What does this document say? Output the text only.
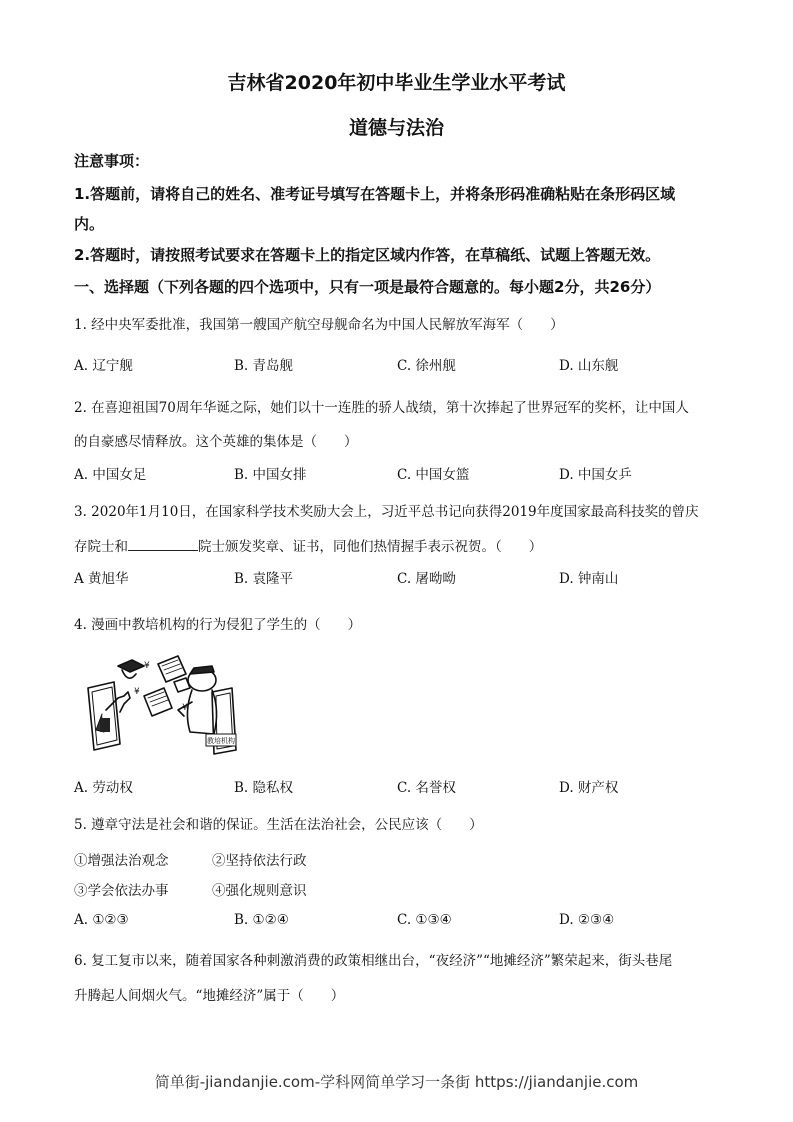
吉林省2020年初中毕业生学业水平考试
道德与法治
注意事项：
1.答题前，请将自己的姓名、准考证号填写在答题卡上，并将条形码准确粘贴在条形码区域
内。
2.答题时，请按照考试要求在答题卡上的指定区域内作答，在草稿纸、试题上答题无效。
一、选择题（下列各题的四个选项中，只有一项是最符合题意的。每小题2分，共26分）
1. 经中央军委批准，我国第一艘国产航空母舰命名为中国人民解放军海军（　　）
A. 辽宁舰	B. 青岛舰	C. 徐州舰	D. 山东舰
2. 在喜迎祖国70周年华诞之际，她们以十一连胜的骄人战绩，第十次捧起了世界冠军的奖杯，让中国人
的自豪感尽情释放。这个英雄的集体是（　　）
A. 中国女足	B. 中国女排	C. 中国女篮	D. 中国女乒
3. 2020年1月10日，在国家科学技术奖励大会上，习近平总书记向获得2019年度国家最高科技奖的曾庆
存院士和	院士颁发奖章、证书，同他们热情握手表示祝贺。（　　）
A 黄旭华	B. 袁隆平	C. 屠呦呦	D. 钟南山
4. 漫画中教培机构的行为侵犯了学生的（　　）
¥
¥
¥
教培机构
A. 劳动权	B. 隐私权	C. 名誉权	D. 财产权
5. 遵章守法是社会和谐的保证。生活在法治社会，公民应该（　　）
①增强法治观念	②坚持依法行政
③学会依法办事	④强化规则意识
A. ①②③	B. ①②④	C. ①③④	D. ②③④
6. 复工复市以来，随着国家各种刺激消费的政策相继出台，“夜经济”“地摊经济”繁荣起来，街头巷尾
升腾起人间烟火气。“地摊经济”属于（　　）
简单街-jiandanjie.com-学科网简单学习一条街 https://jiandanjie.com
